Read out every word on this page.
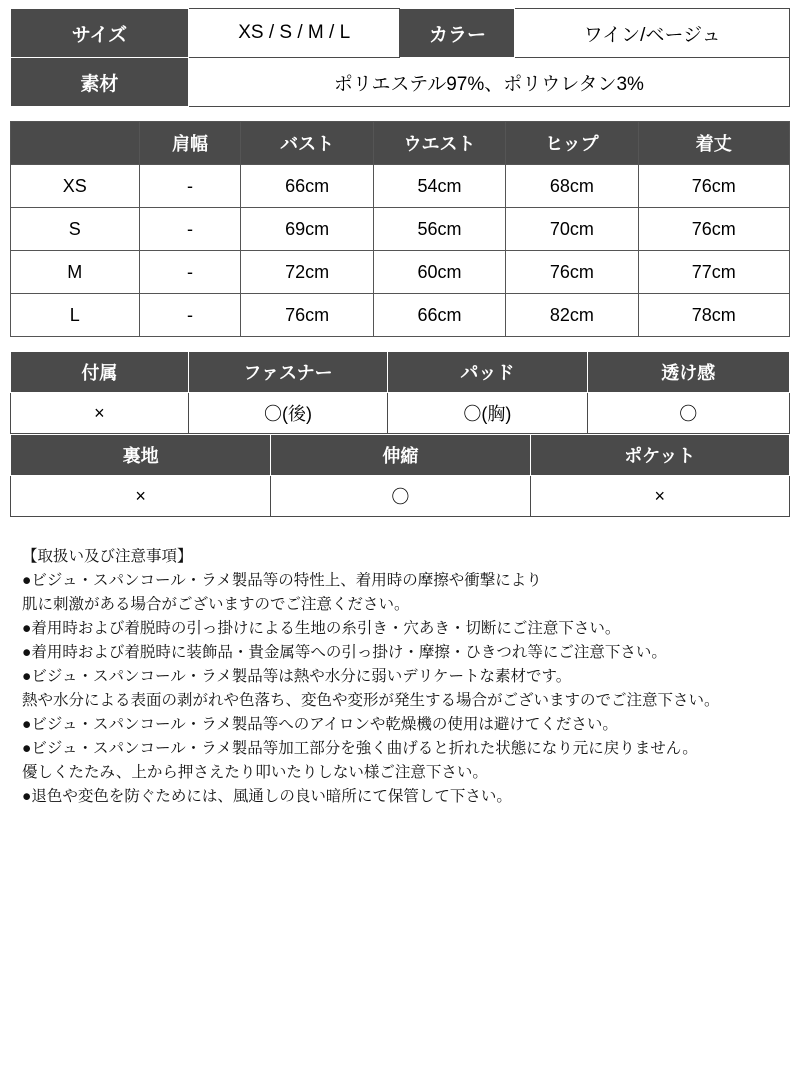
サイズ	XS / S / M / L	カラー	ワイン/ベージュ
素材	ポリエステル97%、ポリウレタン3%		
	肩幅	バスト	ウエスト	ヒップ	着丈
XS	-	66cm	54cm	68cm	76cm
S	-	69cm	56cm	70cm	76cm
M	-	72cm	60cm	76cm	77cm
L	-	76cm	66cm	82cm	78cm
付属	ファスナー	パッド	透け感
×	〇(後)	〇(胸)	〇
裏地	伸縮	ポケット
×	〇	×
【取扱い及び注意事項】
●ビジュ・スパンコール・ラメ製品等の特性上、着用時の摩擦や衝撃により
肌に刺激がある場合がございますのでご注意ください。
●着用時および着脱時の引っ掛けによる生地の糸引き・穴あき・切断にご注意下さい。
●着用時および着脱時に装飾品・貴金属等への引っ掛け・摩擦・ひきつれ等にご注意下さい。
●ビジュ・スパンコール・ラメ製品等は熱や水分に弱いデリケートな素材です。
熱や水分による表面の剥がれや色落ち、変色や変形が発生する場合がございますのでご注意下さい。
●ビジュ・スパンコール・ラメ製品等へのアイロンや乾燥機の使用は避けてください。
●ビジュ・スパンコール・ラメ製品等加工部分を強く曲げると折れた状態になり元に戻りません。
優しくたたみ、上から押さえたり叩いたりしない様ご注意下さい。
●退色や変色を防ぐためには、風通しの良い暗所にて保管して下さい。
